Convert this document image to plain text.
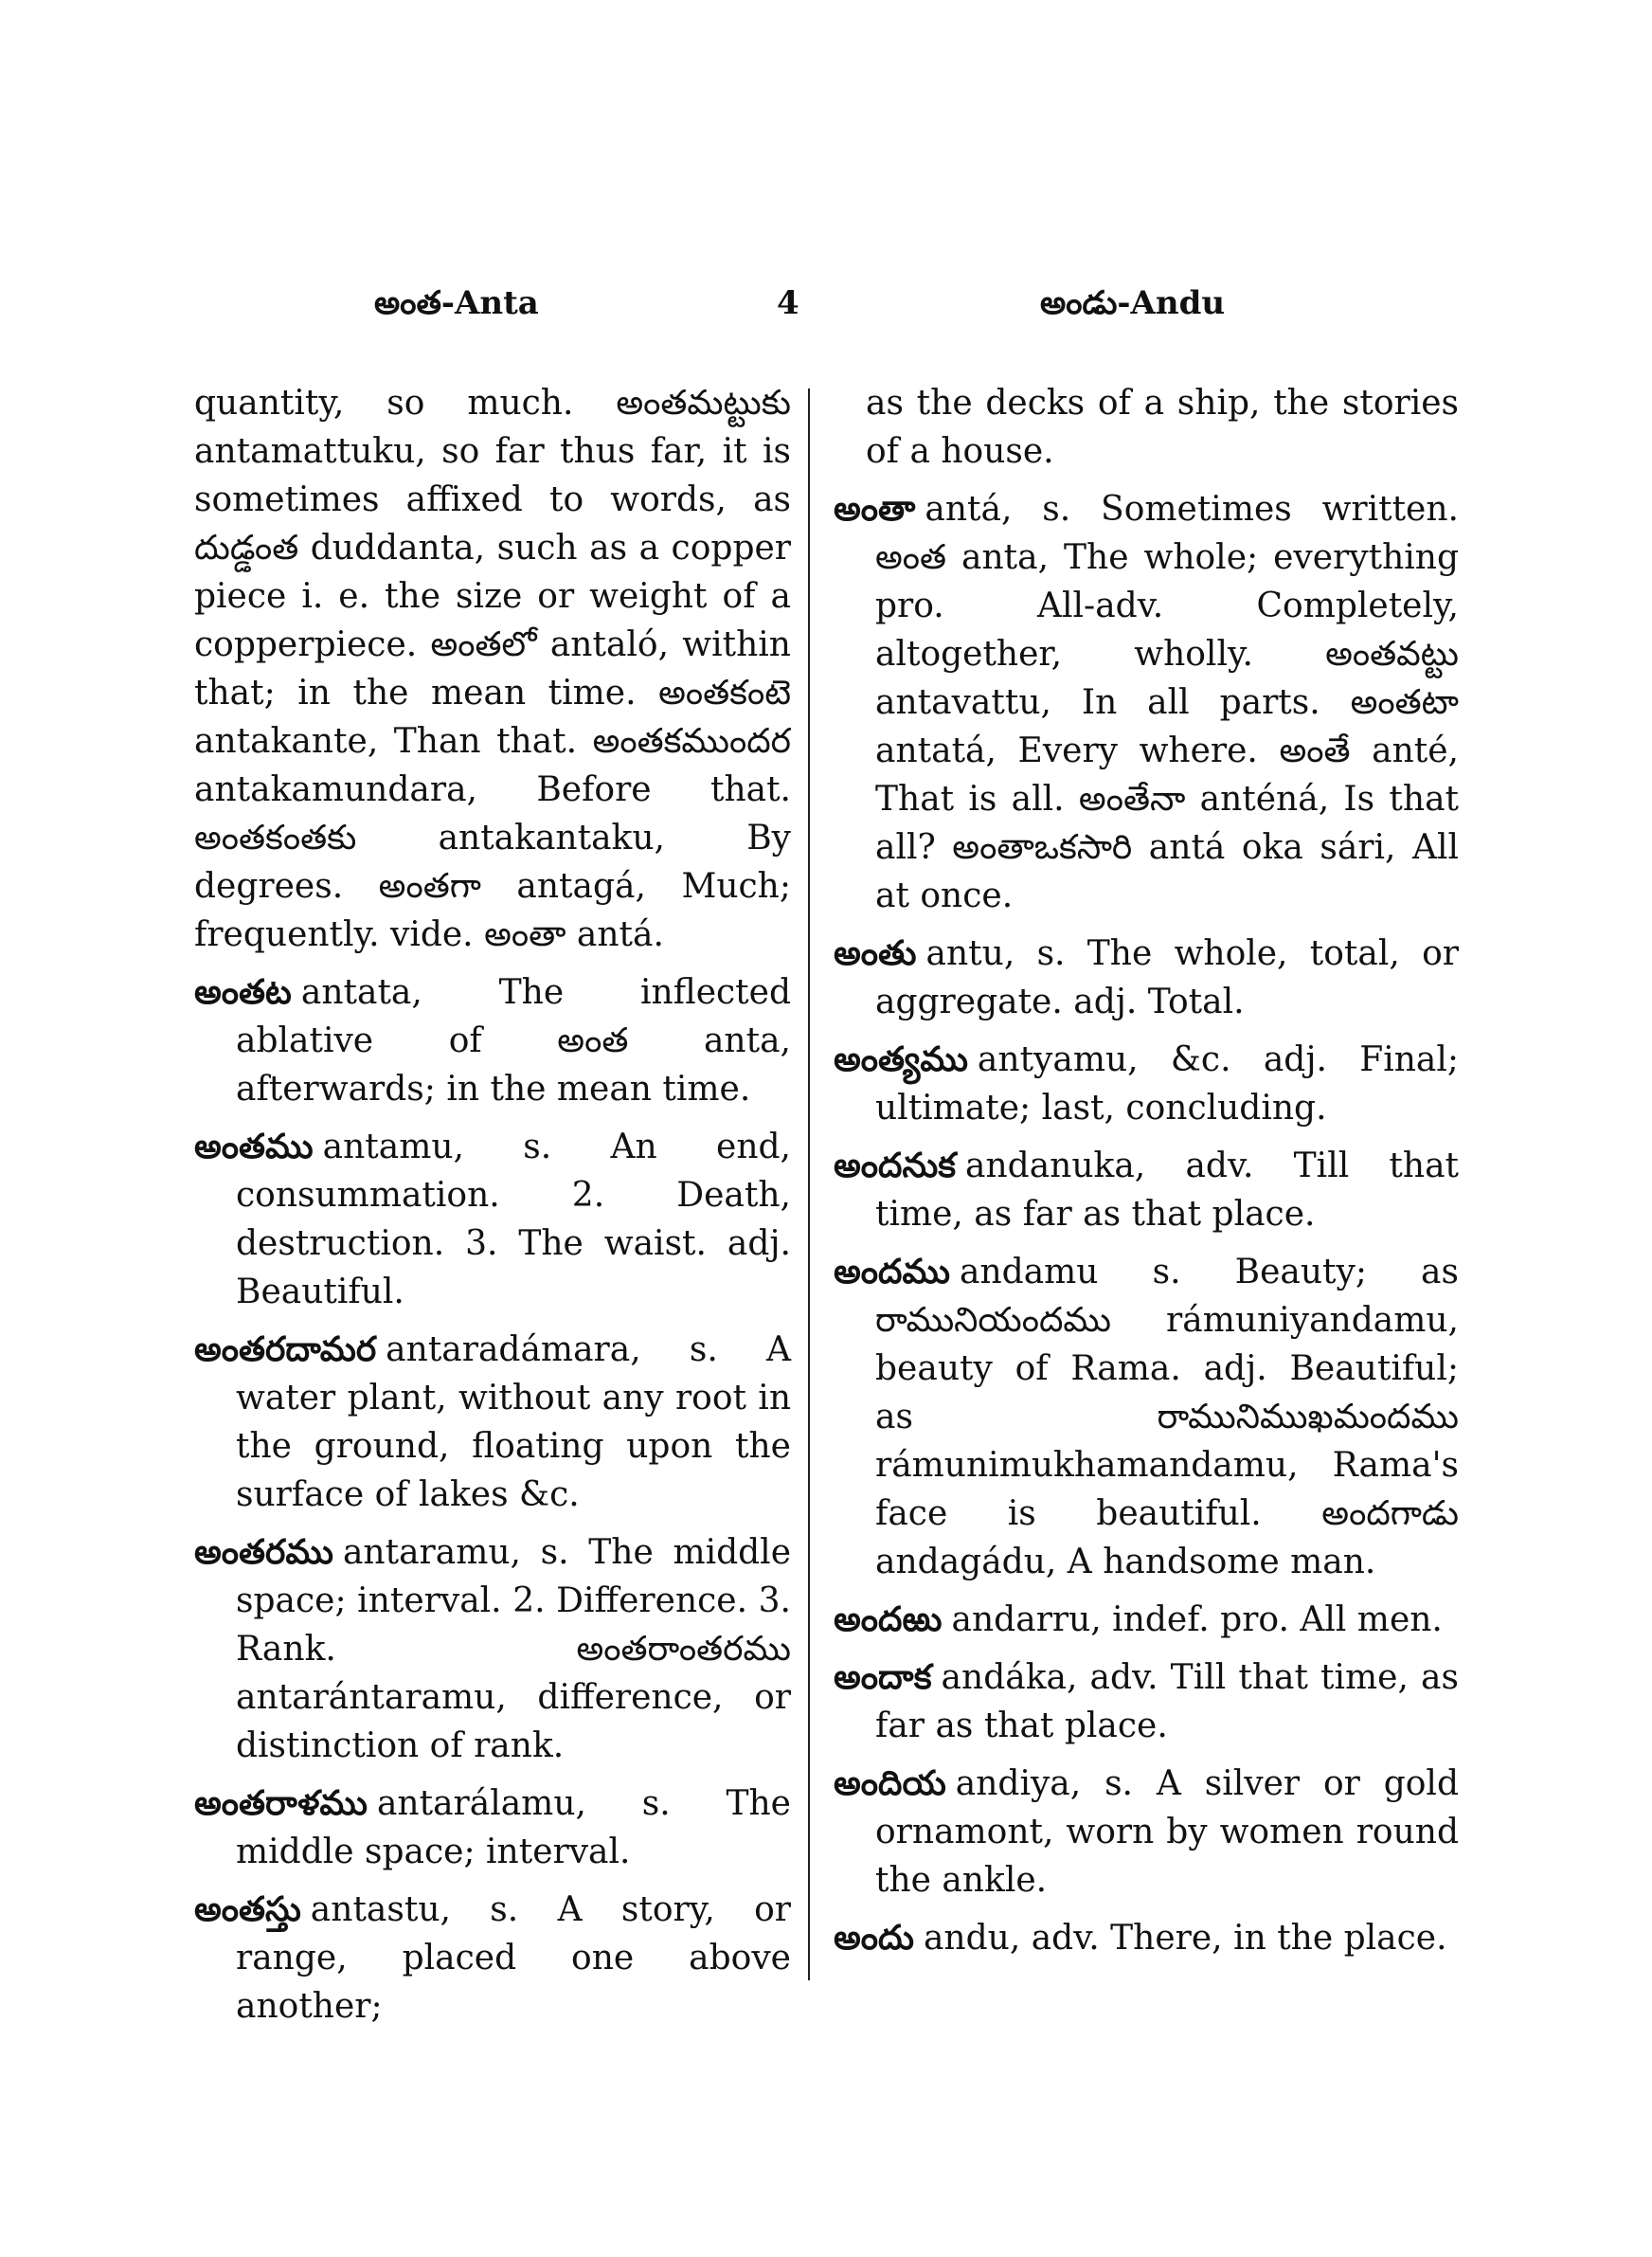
అంత-Anta	4	అండు-Andu

quantity, so much. అంతమట్టుకు antamattuku, so far thus far, it is sometimes affixed to words, as దుడ్డంత duddanta, such as a copper piece i. e. the size or weight of a copperpiece. అంతలో antaló, within that; in the mean time. అంతకంటె antakante, Than that. అంతకముందర antakamundara, Before that. అంతకంతకు antakantaku, By degrees. అంతగా antagá, Much; frequently. vide. అంతా antá.

అంతట antata, The inflected ablative of అంత anta, afterwards; in the mean time.

అంతము antamu, s. An end, consummation. 2. Death, destruction. 3. The waist. adj. Beautiful.

అంతరదామర antaradámara, s. A water plant, without any root in the ground, floating upon the surface of lakes &c.

అంతరము antaramu, s. The middle space; interval. 2. Difference. 3. Rank. అంతరాంతరము antarántaramu, difference, or distinction of rank.

అంతరాళము antarálamu, s. The middle space; interval.

అంతస్తు antastu, s. A story, or range, placed one above another;

as the decks of a ship, the stories of a house.

అంతా antá, s. Sometimes written. అంత anta, The whole; everything pro. All-adv. Completely, altogether, wholly. అంతవట్టు antavattu, In all parts. అంతటా antatá, Every where. అంతే anté, That is all. అంతేనా anténá, Is that all? అంతాఒకసారి antá oka sári, All at once.

అంతు antu, s. The whole, total, or aggregate. adj. Total.

అంత్యము antyamu, &c. adj. Final; ultimate; last, concluding.

అందనుక andanuka, adv. Till that time, as far as that place.

అందము andamu s. Beauty; as రామునియందము rámuniyandamu, beauty of Rama. adj. Beautiful; as రామునిముఖమందము rámunimukhamandamu, Rama's face is beautiful. అందగాడు andagádu, A handsome man.

అందఱు andarru, indef. pro. All men.

అందాక andáka, adv. Till that time, as far as that place.

అందియ andiya, s. A silver or gold ornamont, worn by women round the ankle.

అందు andu, adv. There, in the place.
